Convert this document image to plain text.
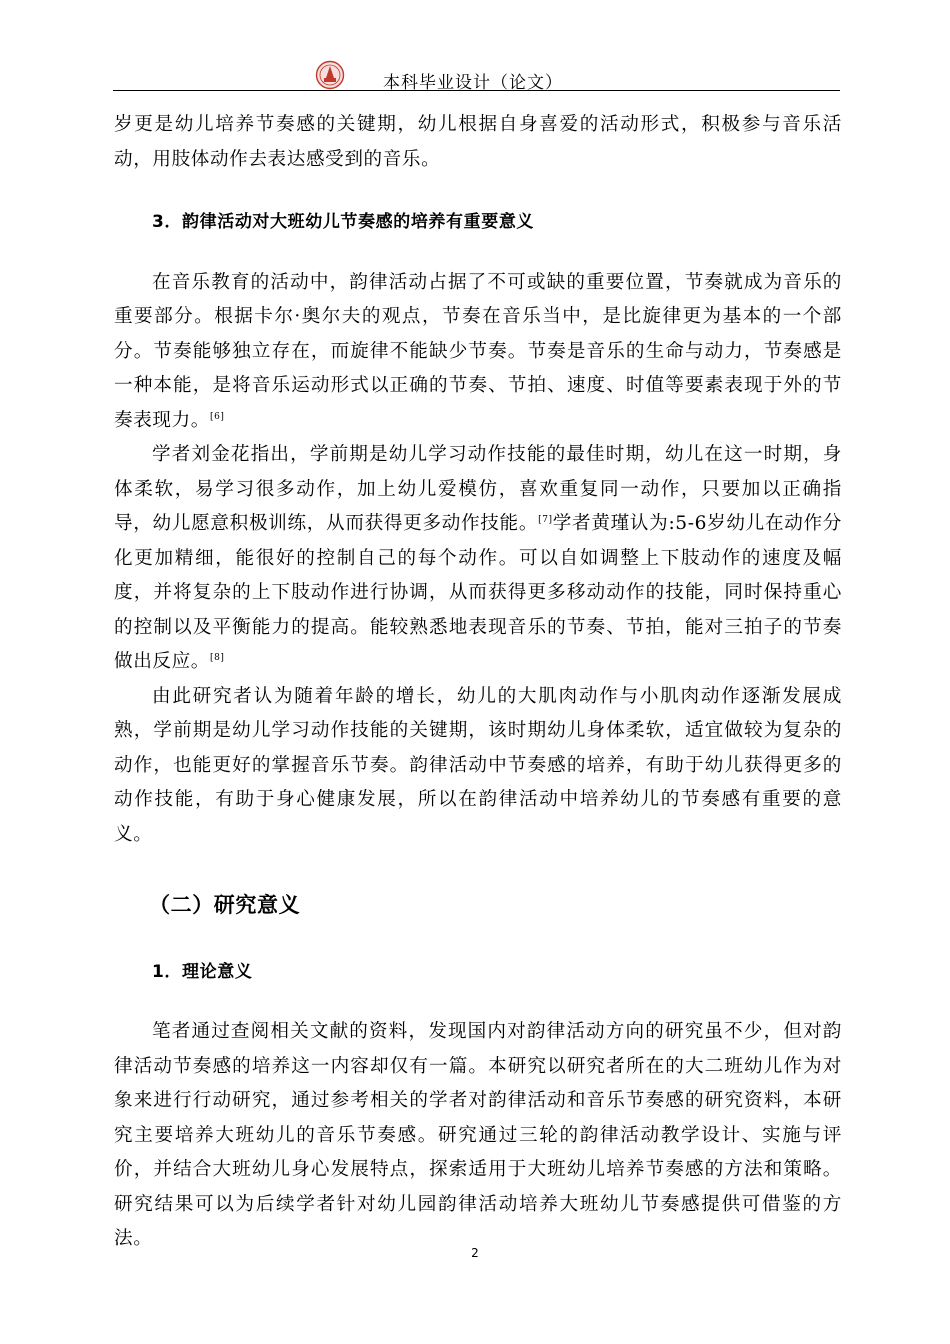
本科毕业设计（论文）

岁更是幼儿培养节奏感的关键期，幼儿根据自身喜爱的活动形式，积极参与音乐活动，用肢体动作去表达感受到的音乐。

3．韵律活动对大班幼儿节奏感的培养有重要意义

在音乐教育的活动中，韵律活动占据了不可或缺的重要位置，节奏就成为音乐的重要部分。根据卡尔·奥尔夫的观点，节奏在音乐当中，是比旋律更为基本的一个部分。节奏能够独立存在，而旋律不能缺少节奏。节奏是音乐的生命与动力，节奏感是一种本能，是将音乐运动形式以正确的节奏、节拍、速度、时值等要素表现于外的节奏表现力。[6]

学者刘金花指出，学前期是幼儿学习动作技能的最佳时期，幼儿在这一时期，身体柔软，易学习很多动作，加上幼儿爱模仿，喜欢重复同一动作，只要加以正确指导，幼儿愿意积极训练，从而获得更多动作技能。[7]学者黄瑾认为:5-6岁幼儿在动作分化更加精细，能很好的控制自己的每个动作。可以自如调整上下肢动作的速度及幅度，并将复杂的上下肢动作进行协调，从而获得更多移动动作的技能，同时保持重心的控制以及平衡能力的提高。能较熟悉地表现音乐的节奏、节拍，能对三拍子的节奏做出反应。[8]

由此研究者认为随着年龄的增长，幼儿的大肌肉动作与小肌肉动作逐渐发展成熟，学前期是幼儿学习动作技能的关键期，该时期幼儿身体柔软，适宜做较为复杂的动作，也能更好的掌握音乐节奏。韵律活动中节奏感的培养，有助于幼儿获得更多的动作技能，有助于身心健康发展，所以在韵律活动中培养幼儿的节奏感有重要的意义。

（二）研究意义

1．理论意义

笔者通过查阅相关文献的资料，发现国内对韵律活动方向的研究虽不少，但对韵律活动节奏感的培养这一内容却仅有一篇。本研究以研究者所在的大二班幼儿作为对象来进行行动研究，通过参考相关的学者对韵律活动和音乐节奏感的研究资料，本研究主要培养大班幼儿的音乐节奏感。研究通过三轮的韵律活动教学设计、实施与评价，并结合大班幼儿身心发展特点，探索适用于大班幼儿培养节奏感的方法和策略。研究结果可以为后续学者针对幼儿园韵律活动培养大班幼儿节奏感提供可借鉴的方法。

2
